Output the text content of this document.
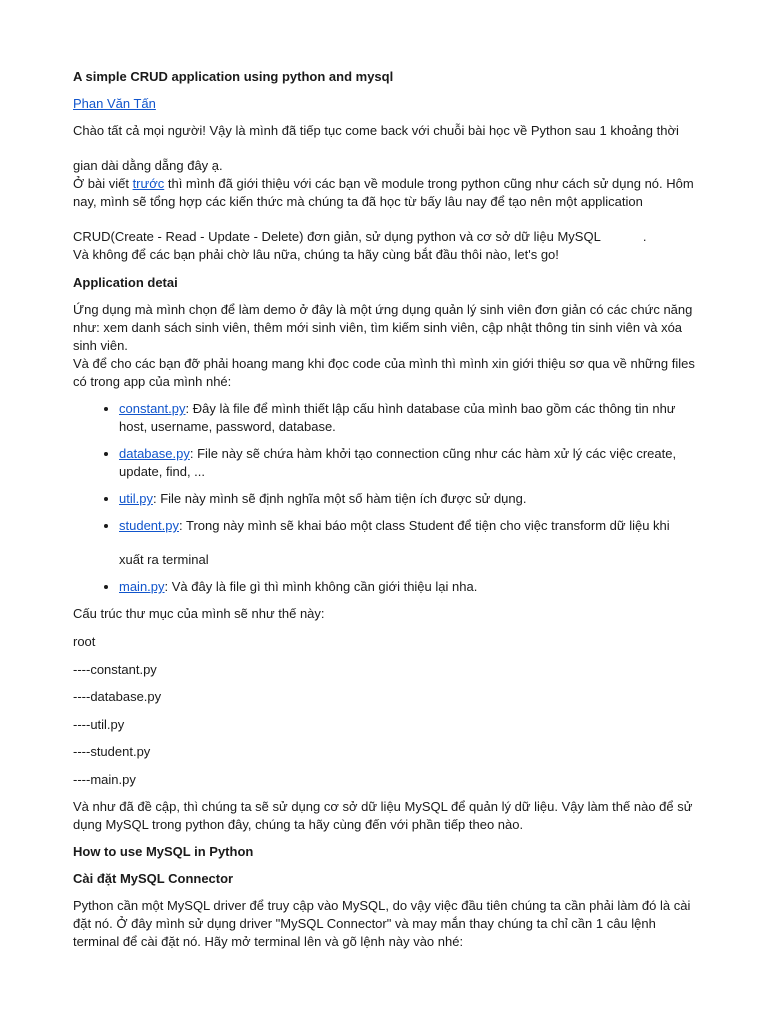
A simple CRUD application using python and mysql

Phan Văn Tấn

Chào tất cả mọi người! Vậy là mình đã tiếp tục come back với chuỗi bài học về Python sau 1 khoảng thời

gian dài dằng dẵng đây ạ.

Ở bài viết trước thì mình đã giới thiệu với các bạn về module trong python cũng như cách sử dụng nó. Hôm nay, mình sẽ tổng hợp các kiến thức mà chúng ta đã học từ bấy lâu nay để tạo nên một application

CRUD(Create - Read - Update - Delete) đơn giản, sử dụng python và cơ sở dữ liệu MySQL	.

Và không để các bạn phải chờ lâu nữa, chúng ta hãy cùng bắt đầu thôi nào, let's go!

Application detai

Ứng dụng mà mình chọn để làm demo ở đây là một ứng dụng quản lý sinh viên đơn giản có các chức năng như: xem danh sách sinh viên, thêm mới sinh viên, tìm kiếm sinh viên, cập nhật thông tin sinh viên và xóa sinh viên.

Và để cho các bạn đỡ phải hoang mang khi đọc code của mình thì mình xin giới thiệu sơ qua về những files có trong app của mình nhé:

• constant.py: Đây là file để mình thiết lập cấu hình database của mình bao gồm các thông tin như host, username, password, database.
• database.py: File này sẽ chứa hàm khởi tạo connection cũng như các hàm xử lý các việc create, update, find, ...
• util.py: File này mình sẽ định nghĩa một số hàm tiện ích được sử dụng.
• student.py: Trong này mình sẽ khai báo một class Student để tiện cho việc transform dữ liệu khi
xuất ra terminal
• main.py: Và đây là file gì thì mình không cần giới thiệu lại nha.

Cấu trúc thư mục của mình sẽ như thế này:

root

----constant.py

----database.py

----util.py

----student.py

----main.py

Và như đã đề cập, thì chúng ta sẽ sử dụng cơ sở dữ liệu MySQL để quản lý dữ liệu. Vậy làm thế nào để sử dụng MySQL trong python đây, chúng ta hãy cùng đến với phần tiếp theo nào.

How to use MySQL in Python

Cài đặt MySQL Connector

Python cần một MySQL driver để truy cập vào MySQL, do vậy việc đầu tiên chúng ta cần phải làm đó là cài đặt nó. Ở đây mình sử dụng driver "MySQL Connector" và may mắn thay chúng ta chỉ cần 1 câu lệnh terminal để cài đặt nó. Hãy mở terminal lên và gõ lệnh này vào nhé:
